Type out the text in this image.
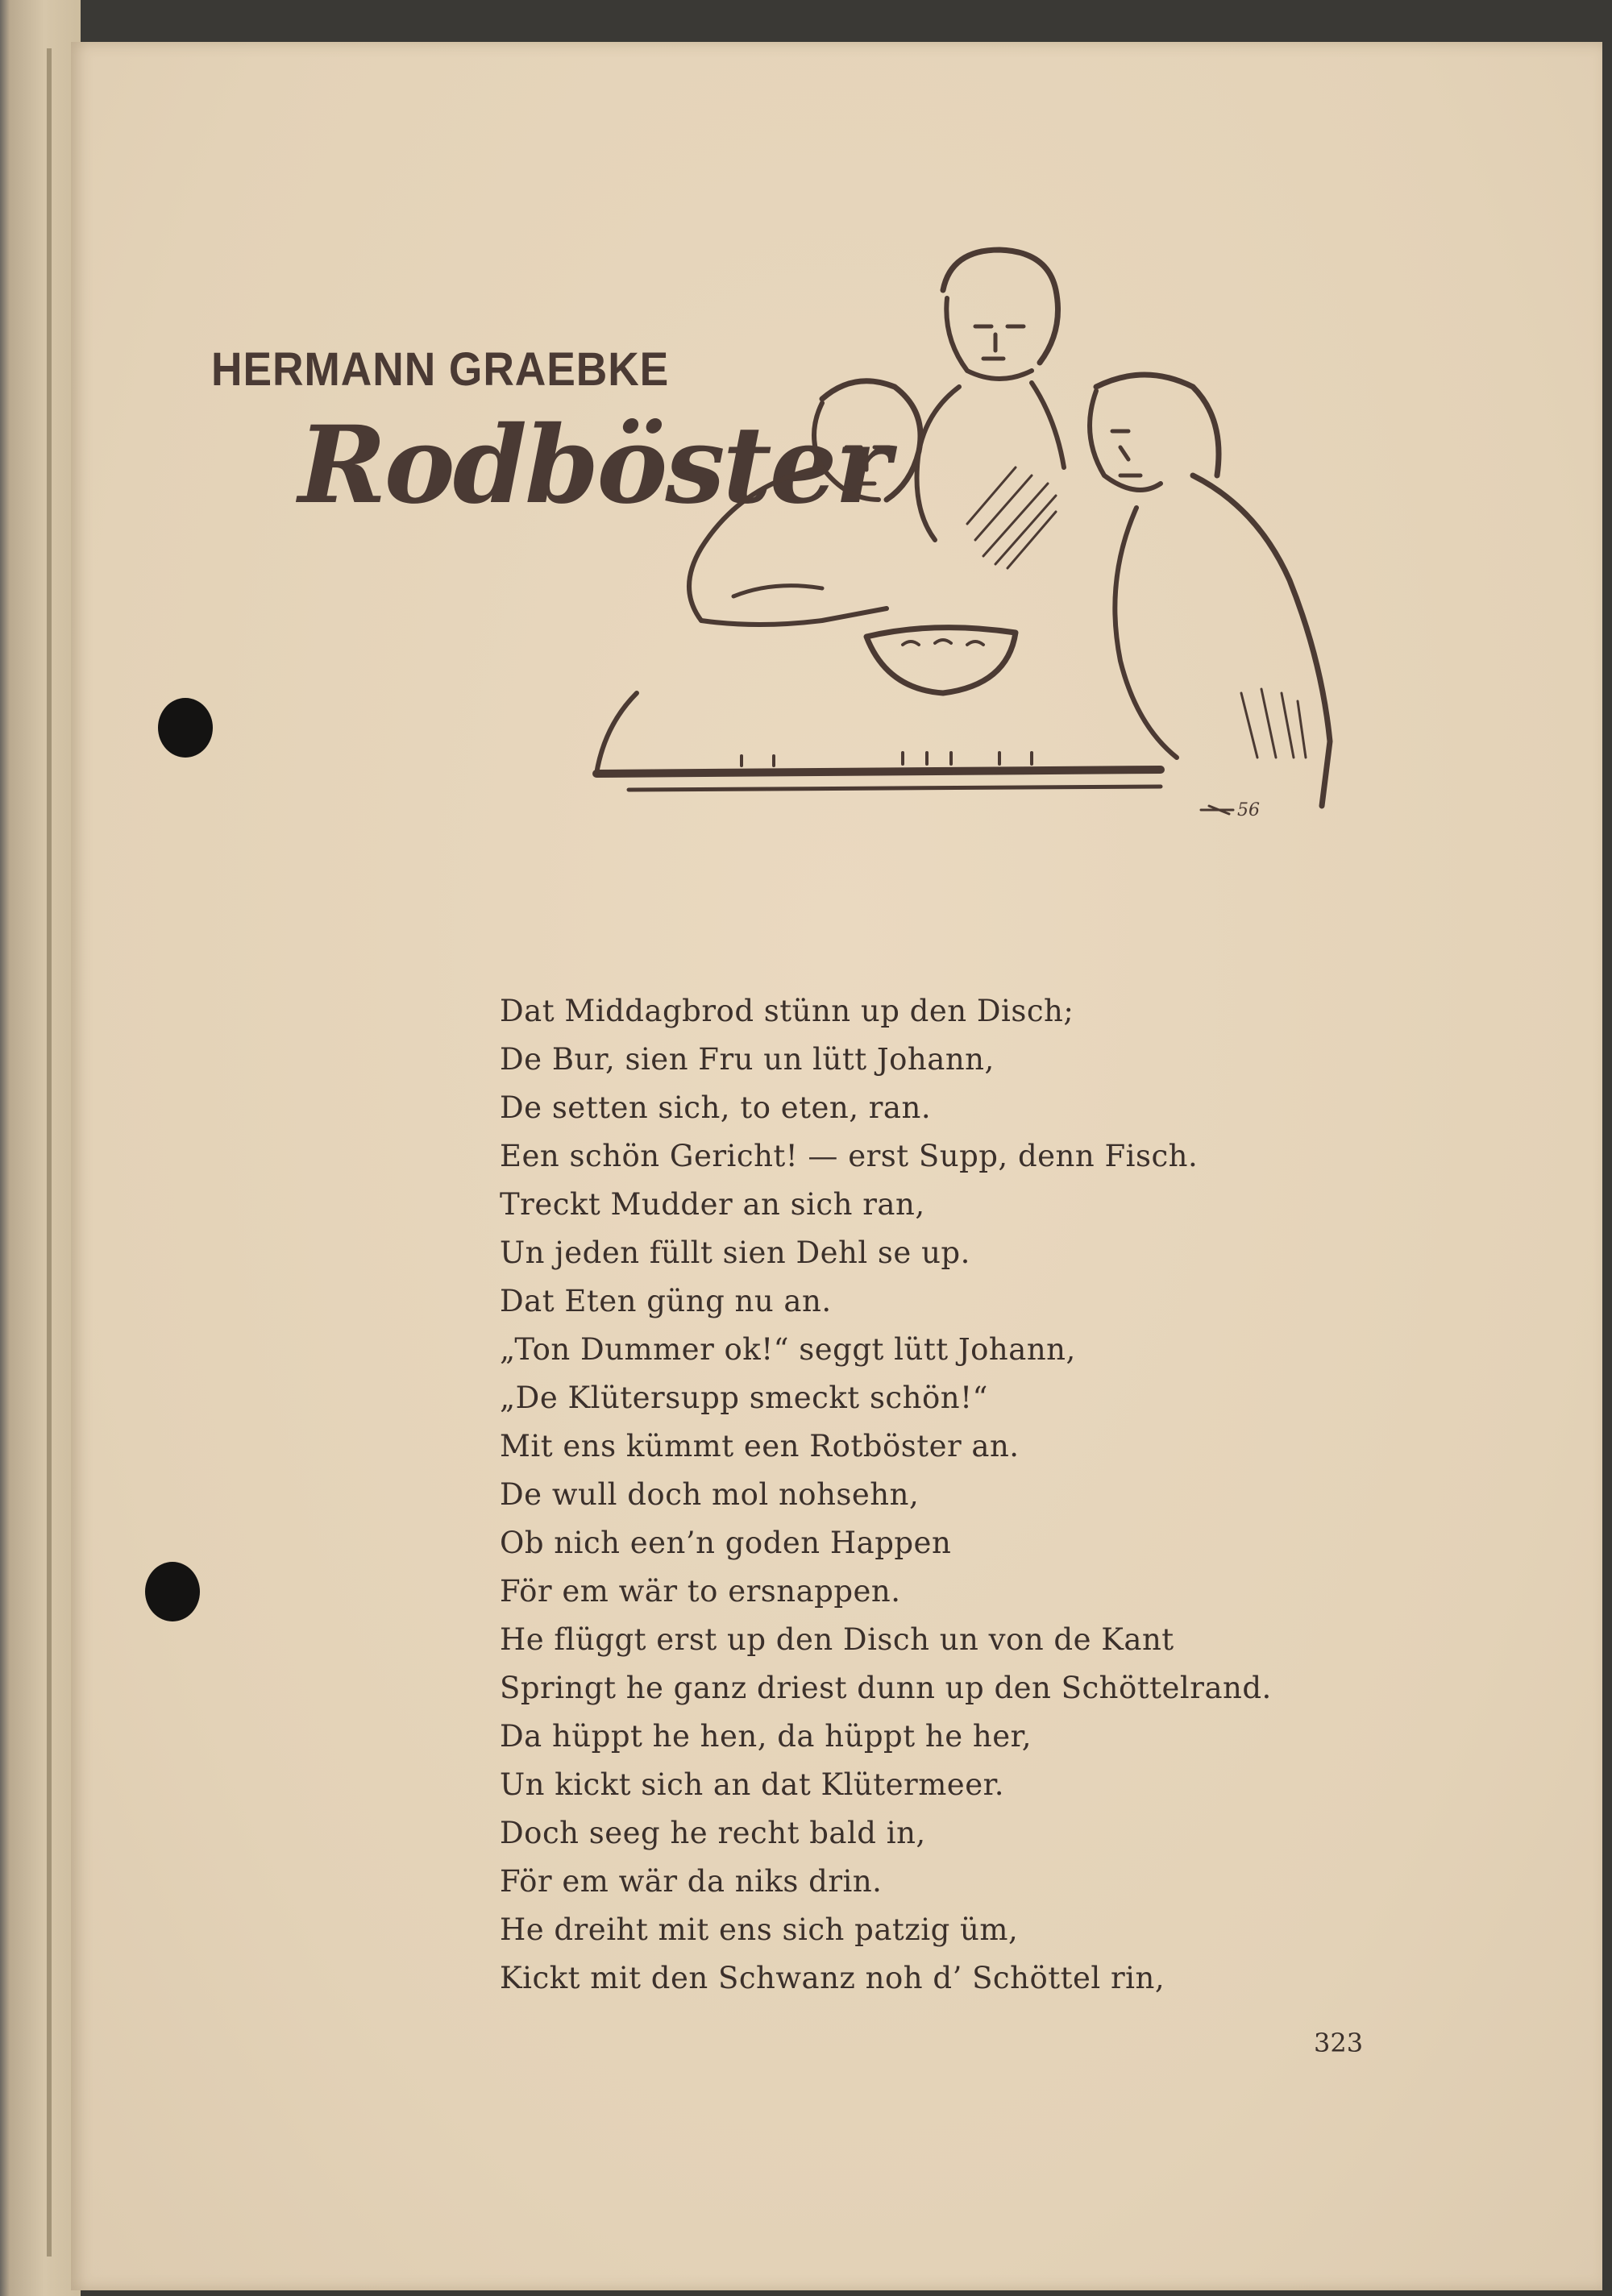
HERMANN GRAEBKE

Rodböster

56
Dat Middagbrod stünn up den Disch;
De Bur, sien Fru un lütt Johann,
De setten sich, to eten, ran.
Een schön Gericht! — erst Supp, denn Fisch.
Treckt Mudder an sich ran,
Un jeden füllt sien Dehl se up.
Dat Eten güng nu an.
„Ton Dummer ok!“ seggt lütt Johann,
„De Klütersupp smeckt schön!“
Mit ens kümmt een Rotböster an.
De wull doch mol nohsehn,
Ob nich een’n goden Happen
För em wär to ersnappen.
He flüggt erst up den Disch un von de Kant
Springt he ganz driest dunn up den Schöttelrand.
Da hüppt he hen, da hüppt he her,
Un kickt sich an dat Klütermeer.
Doch seeg he recht bald in,
För em wär da niks drin.
He dreiht mit ens sich patzig üm,
Kickt mit den Schwanz noh d’ Schöttel rin,

323
